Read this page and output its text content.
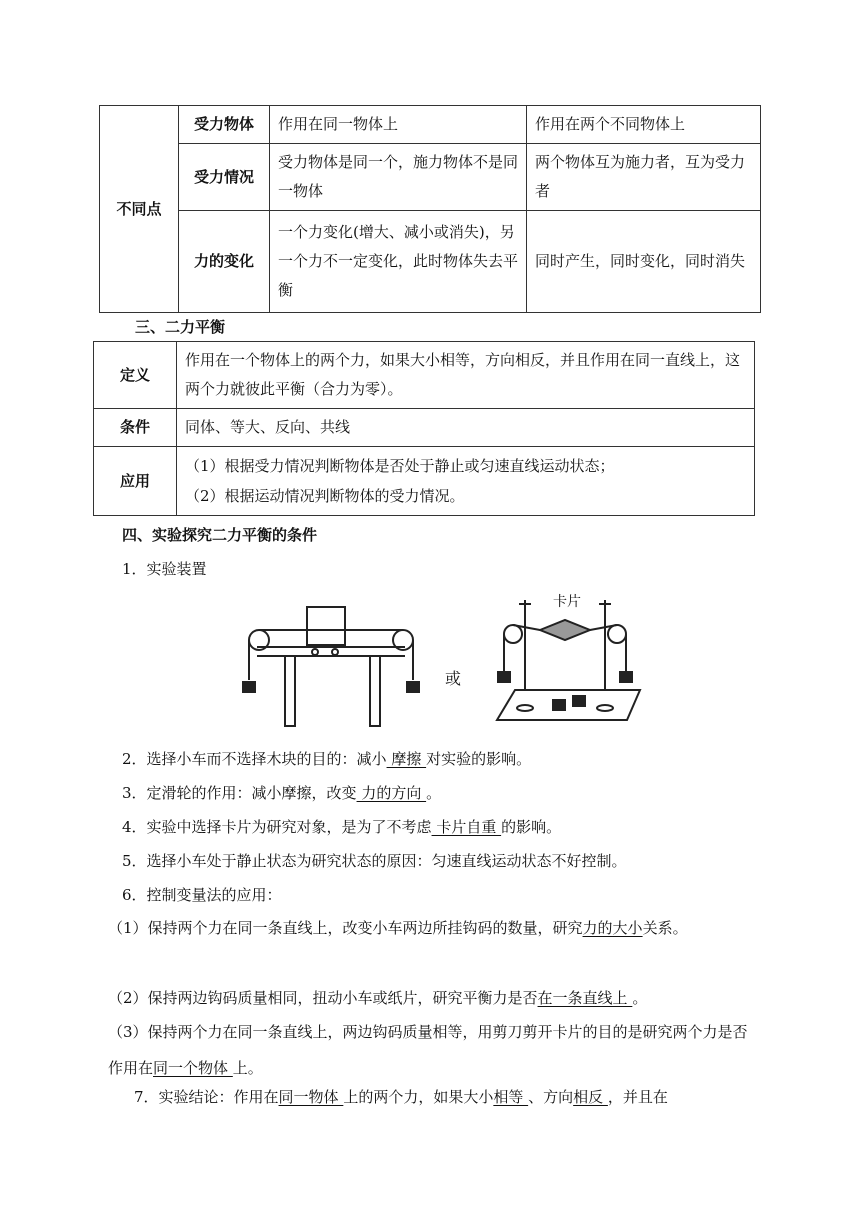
不同点	受力物体	作用在同一物体上	作用在两个不同物体上
	受力情况	受力物体是同一个，施力物体不是同一物体	两个物体互为施力者，互为受力者
	力的变化	一个力变化(增大、减小或消失)，另一个力不一定变化，此时物体失去平衡	同时产生，同时变化，同时消失
三、二力平衡
定义	作用在一个物体上的两个力，如果大小相等，方向相反，并且作用在同一直线上，这两个力就彼此平衡（合力为零）。
条件	同体、等大、反向、共线
应用	（1）根据受力情况判断物体是否处于静止或匀速直线运动状态；
（2）根据运动情况判断物体的受力情况。
四、实验探究二力平衡的条件
1．实验装置
或
卡片
2．选择小车而不选择木块的目的：减小 摩擦 对实验的影响。
3．定滑轮的作用：减小摩擦，改变 力的方向 。
4．实验中选择卡片为研究对象，是为了不考虑 卡片自重 的影响。
5．选择小车处于静止状态为研究状态的原因：匀速直线运动状态不好控制。
6．控制变量法的应用：
（1）保持两个力在同一条直线上，改变小车两边所挂钩码的数量，研究力的大小关系。
（2）保持两边钩码质量相同，扭动小车或纸片，研究平衡力是否在一条直线上 。
（3）保持两个力在同一条直线上，两边钩码质量相等，用剪刀剪开卡片的目的是研究两个力是否作用在同一个物体 上。
7．实验结论：作用在同一物体 上的两个力，如果大小相等 、方向相反 ，并且在
